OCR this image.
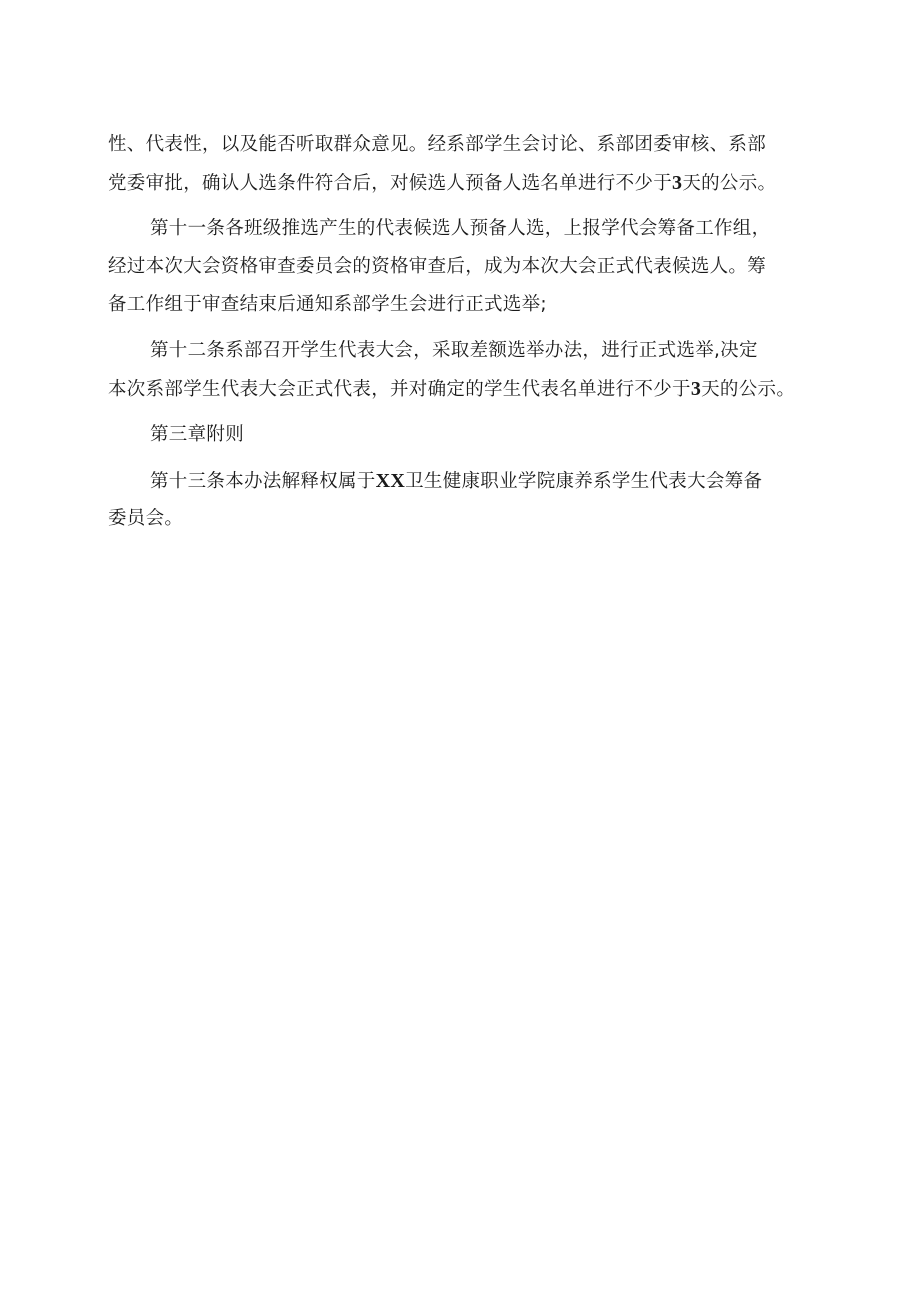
性、代表性，以及能否听取群众意见。经系部学生会讨论、系部团委审核、系部
党委审批，确认人选条件符合后，对候选人预备人选名单进行不少于3天的公示。
第十一条各班级推选产生的代表候选人预备人选，上报学代会筹备工作组，
经过本次大会资格审查委员会的资格审查后，成为本次大会正式代表候选人。筹
备工作组于审查结束后通知系部学生会进行正式选举;
第十二条系部召开学生代表大会，采取差额选举办法，进行正式选举,决定
本次系部学生代表大会正式代表，并对确定的学生代表名单进行不少于3天的公示。
第三章附则
第十三条本办法解释权属于XX卫生健康职业学院康养系学生代表大会筹备
委员会。
